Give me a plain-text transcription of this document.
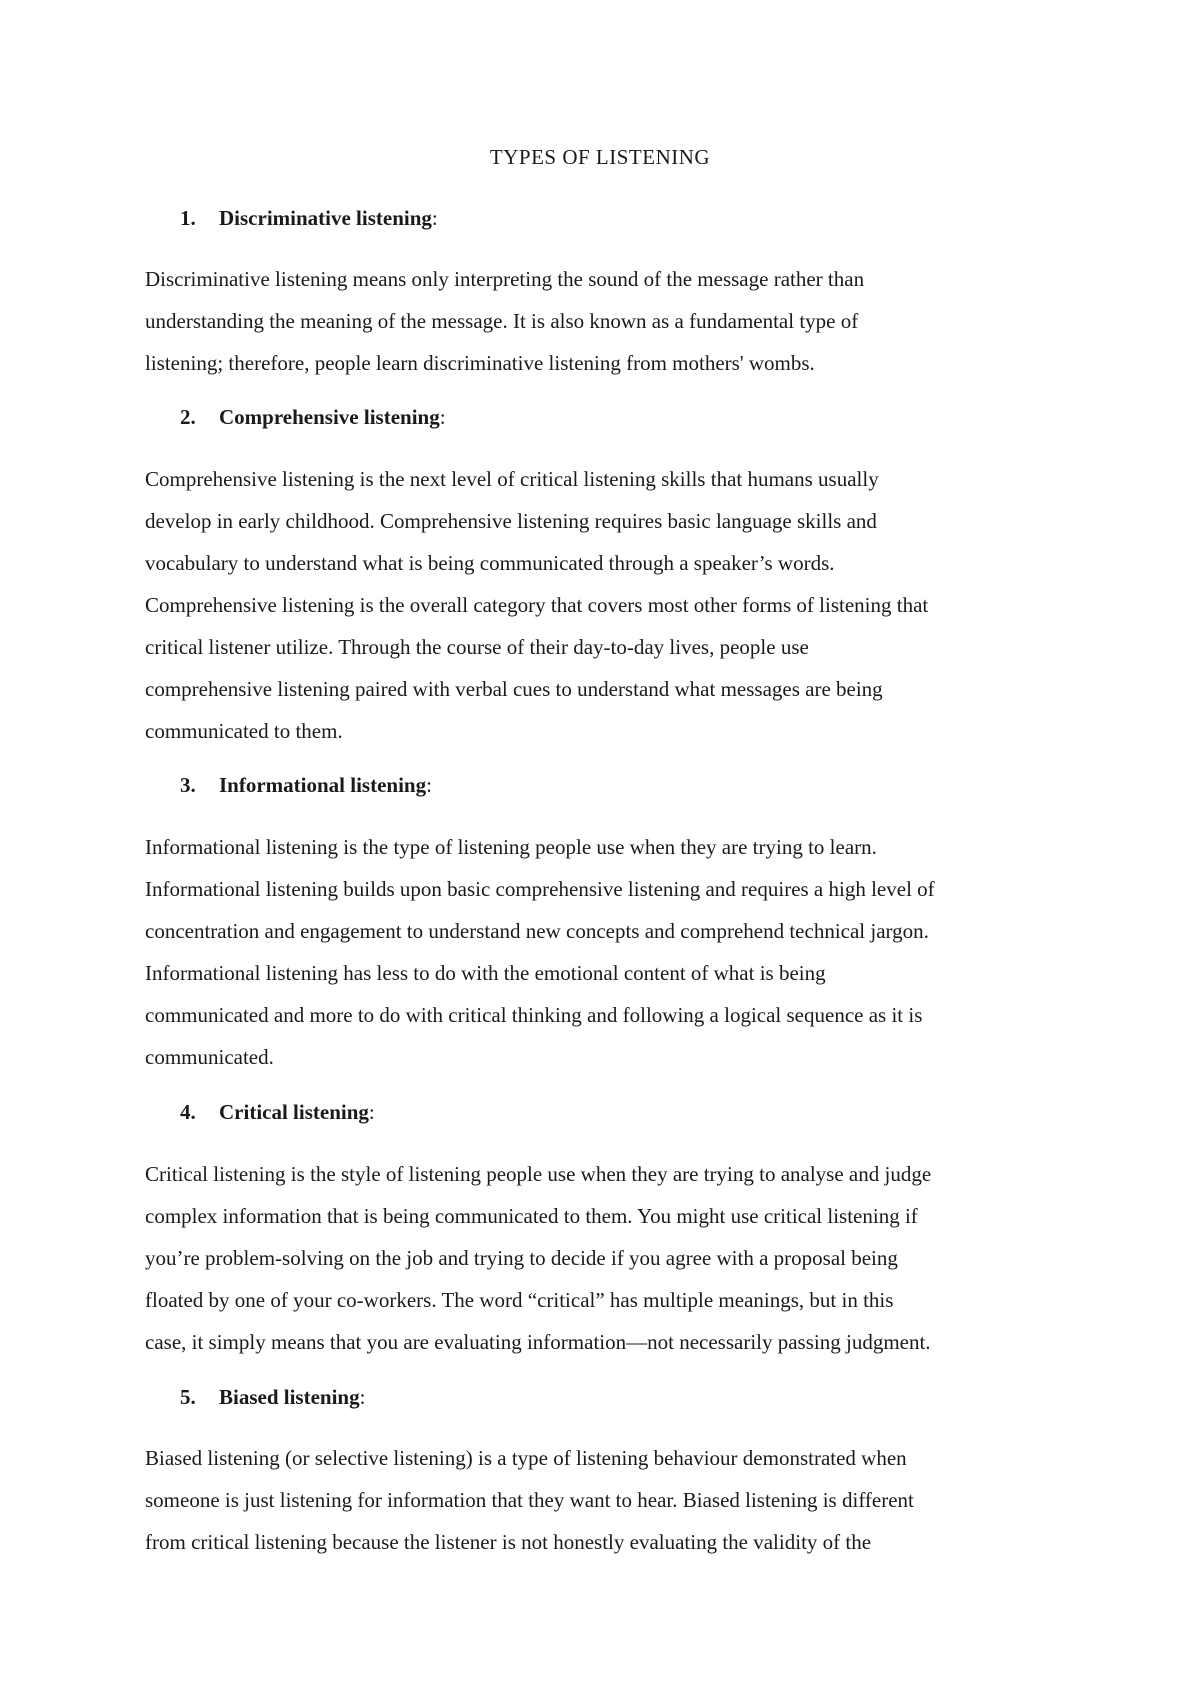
TYPES OF LISTENING
1. Discriminative listening:
Discriminative listening means only interpreting the sound of the message rather than
understanding the meaning of the message. It is also known as a fundamental type of
listening; therefore, people learn discriminative listening from mothers' wombs.
2. Comprehensive listening:
Comprehensive listening is the next level of critical listening skills that humans usually
develop in early childhood. Comprehensive listening requires basic language skills and
vocabulary to understand what is being communicated through a speaker’s words.
Comprehensive listening is the overall category that covers most other forms of listening that
critical listener utilize. Through the course of their day-to-day lives, people use
comprehensive listening paired with verbal cues to understand what messages are being
communicated to them.
3. Informational listening:
Informational listening is the type of listening people use when they are trying to learn.
Informational listening builds upon basic comprehensive listening and requires a high level of
concentration and engagement to understand new concepts and comprehend technical jargon.
Informational listening has less to do with the emotional content of what is being
communicated and more to do with critical thinking and following a logical sequence as it is
communicated.
4. Critical listening:
Critical listening is the style of listening people use when they are trying to analyse and judge
complex information that is being communicated to them. You might use critical listening if
you’re problem-solving on the job and trying to decide if you agree with a proposal being
floated by one of your co-workers. The word “critical” has multiple meanings, but in this
case, it simply means that you are evaluating information—not necessarily passing judgment.
5. Biased listening:
Biased listening (or selective listening) is a type of listening behaviour demonstrated when
someone is just listening for information that they want to hear. Biased listening is different
from critical listening because the listener is not honestly evaluating the validity of the
